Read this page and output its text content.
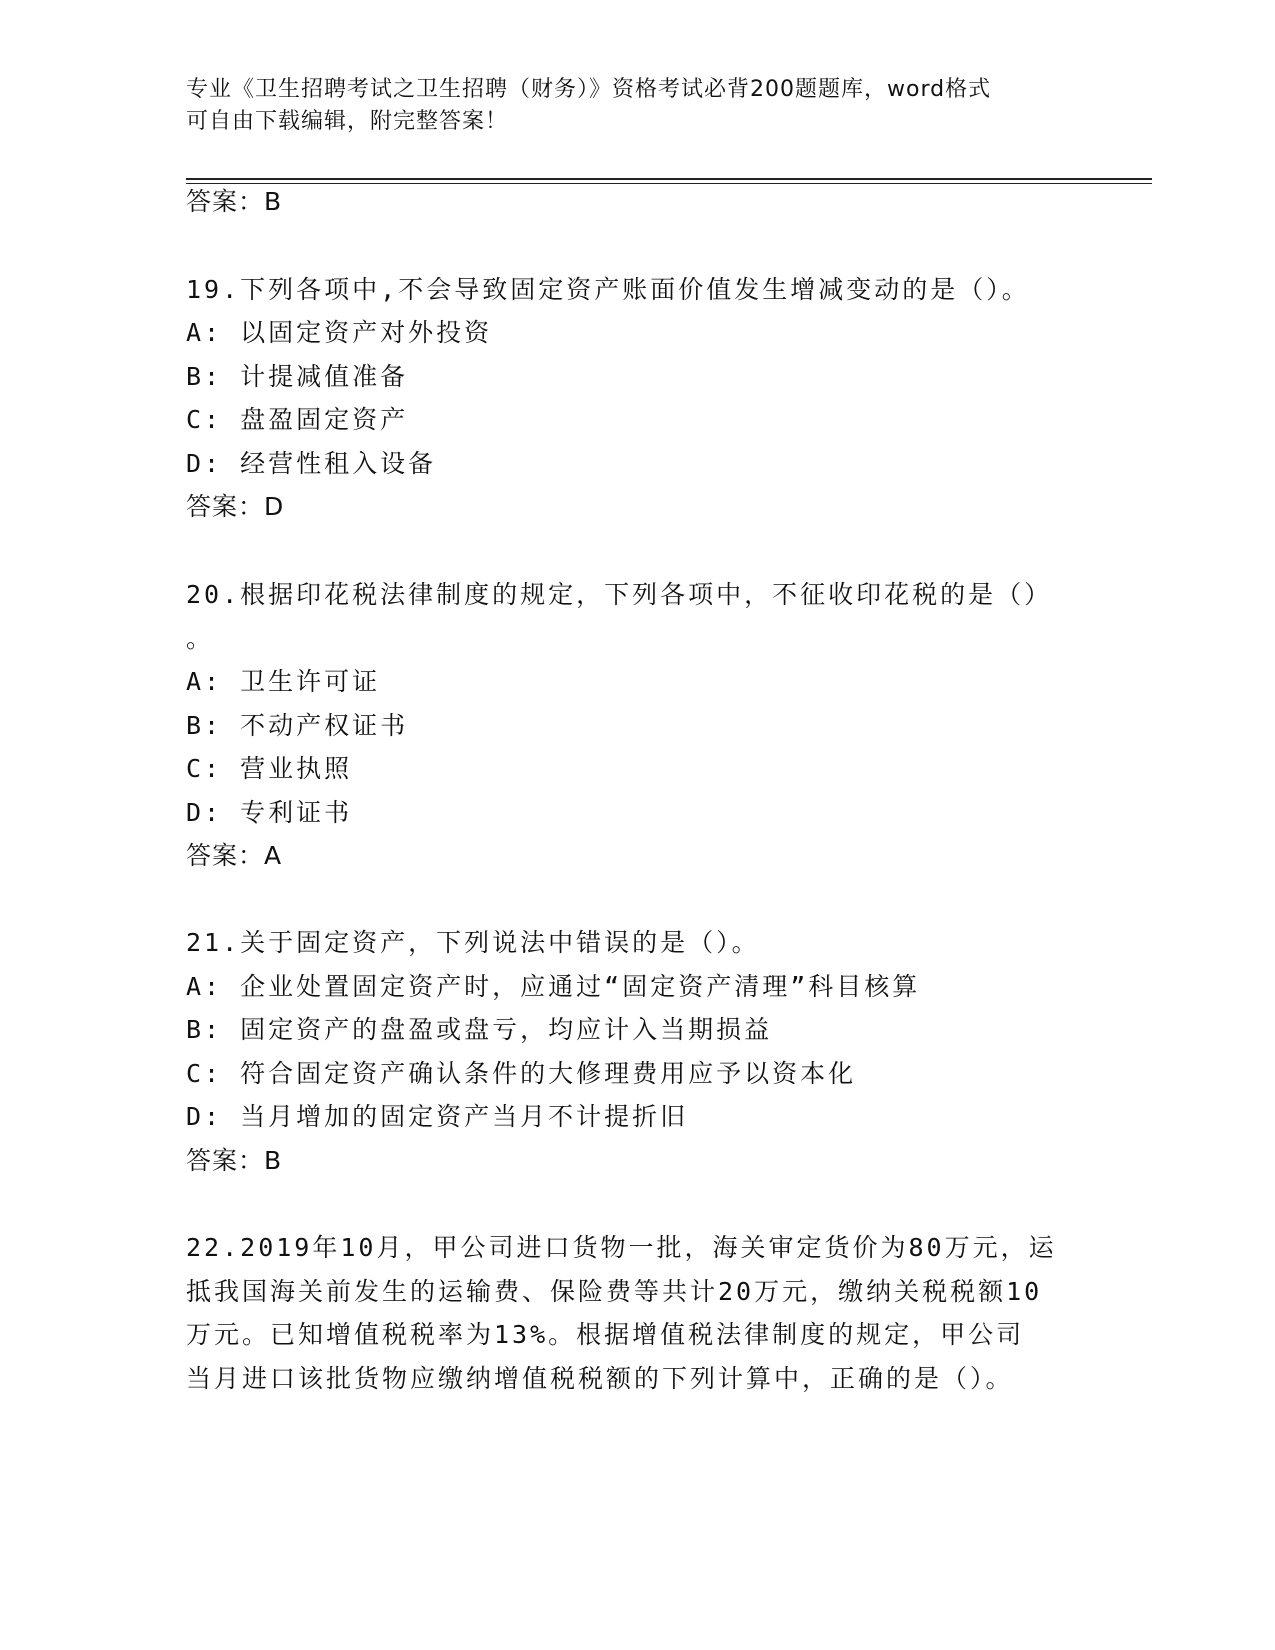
专业《卫生招聘考试之卫生招聘（财务）》资格考试必背200题题库，word格式
可自由下载编辑，附完整答案！
答案：B
19.下列各项中,不会导致固定资产账面价值发生增减变动的是（）。
A: 以固定资产对外投资
B: 计提减值准备
C: 盘盈固定资产
D: 经营性租入设备
答案：D
20.根据印花税法律制度的规定，下列各项中，不征收印花税的是（）
。
A: 卫生许可证
B: 不动产权证书
C: 营业执照
D: 专利证书
答案：A
21.关于固定资产，下列说法中错误的是（）。
A: 企业处置固定资产时，应通过“固定资产清理”科目核算
B: 固定资产的盘盈或盘亏，均应计入当期损益
C: 符合固定资产确认条件的大修理费用应予以资本化
D: 当月增加的固定资产当月不计提折旧
答案：B
22.2019年10月，甲公司进口货物一批，海关审定货价为80万元，运
抵我国海关前发生的运输费、保险费等共计20万元，缴纳关税税额10
万元。已知增值税税率为13%。根据增值税法律制度的规定，甲公司
当月进口该批货物应缴纳增值税税额的下列计算中，正确的是（）。
